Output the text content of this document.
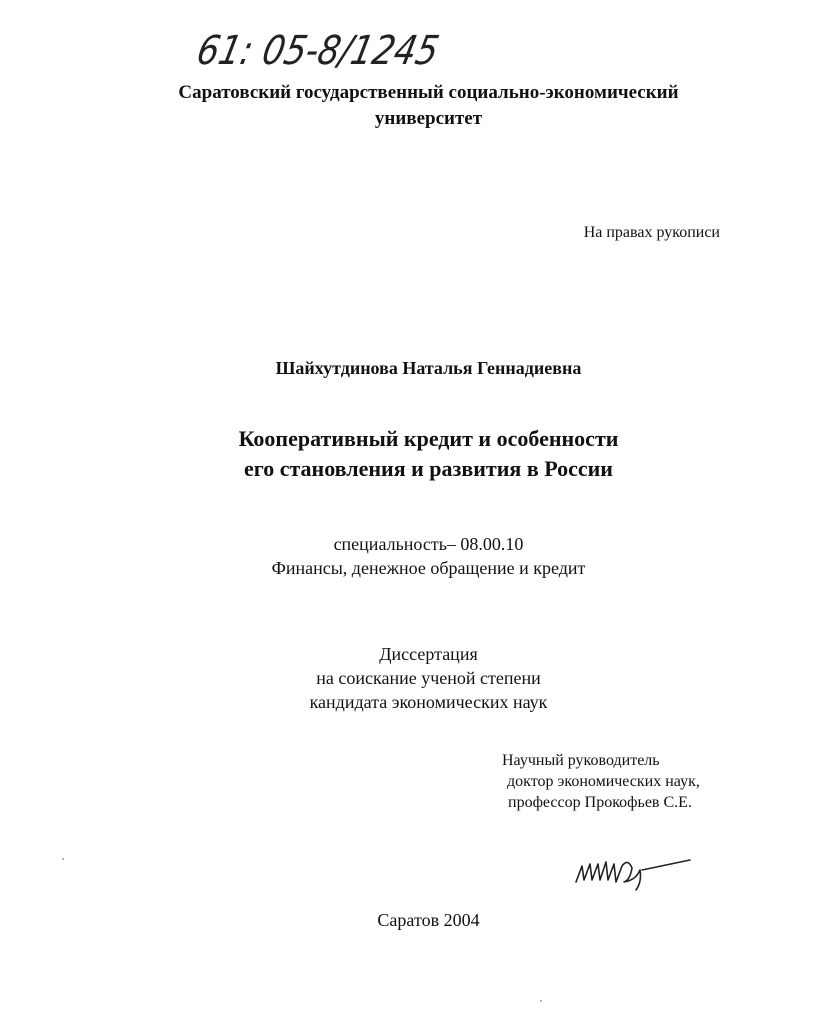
61: 05-8/1245
Саратовский государственный социально-экономический
университет
На правах рукописи
Шайхутдинова Наталья Геннадиевна
Кооперативный кредит и особенности
его становления и развития в России
специальность– 08.00.10
Финансы, денежное обращение и кредит
Диссертация
на соискание ученой степени
кандидата экономических наук
Научный руководитель
доктор экономических наук,
профессор Прокофьев С.Е.
Саратов 2004
